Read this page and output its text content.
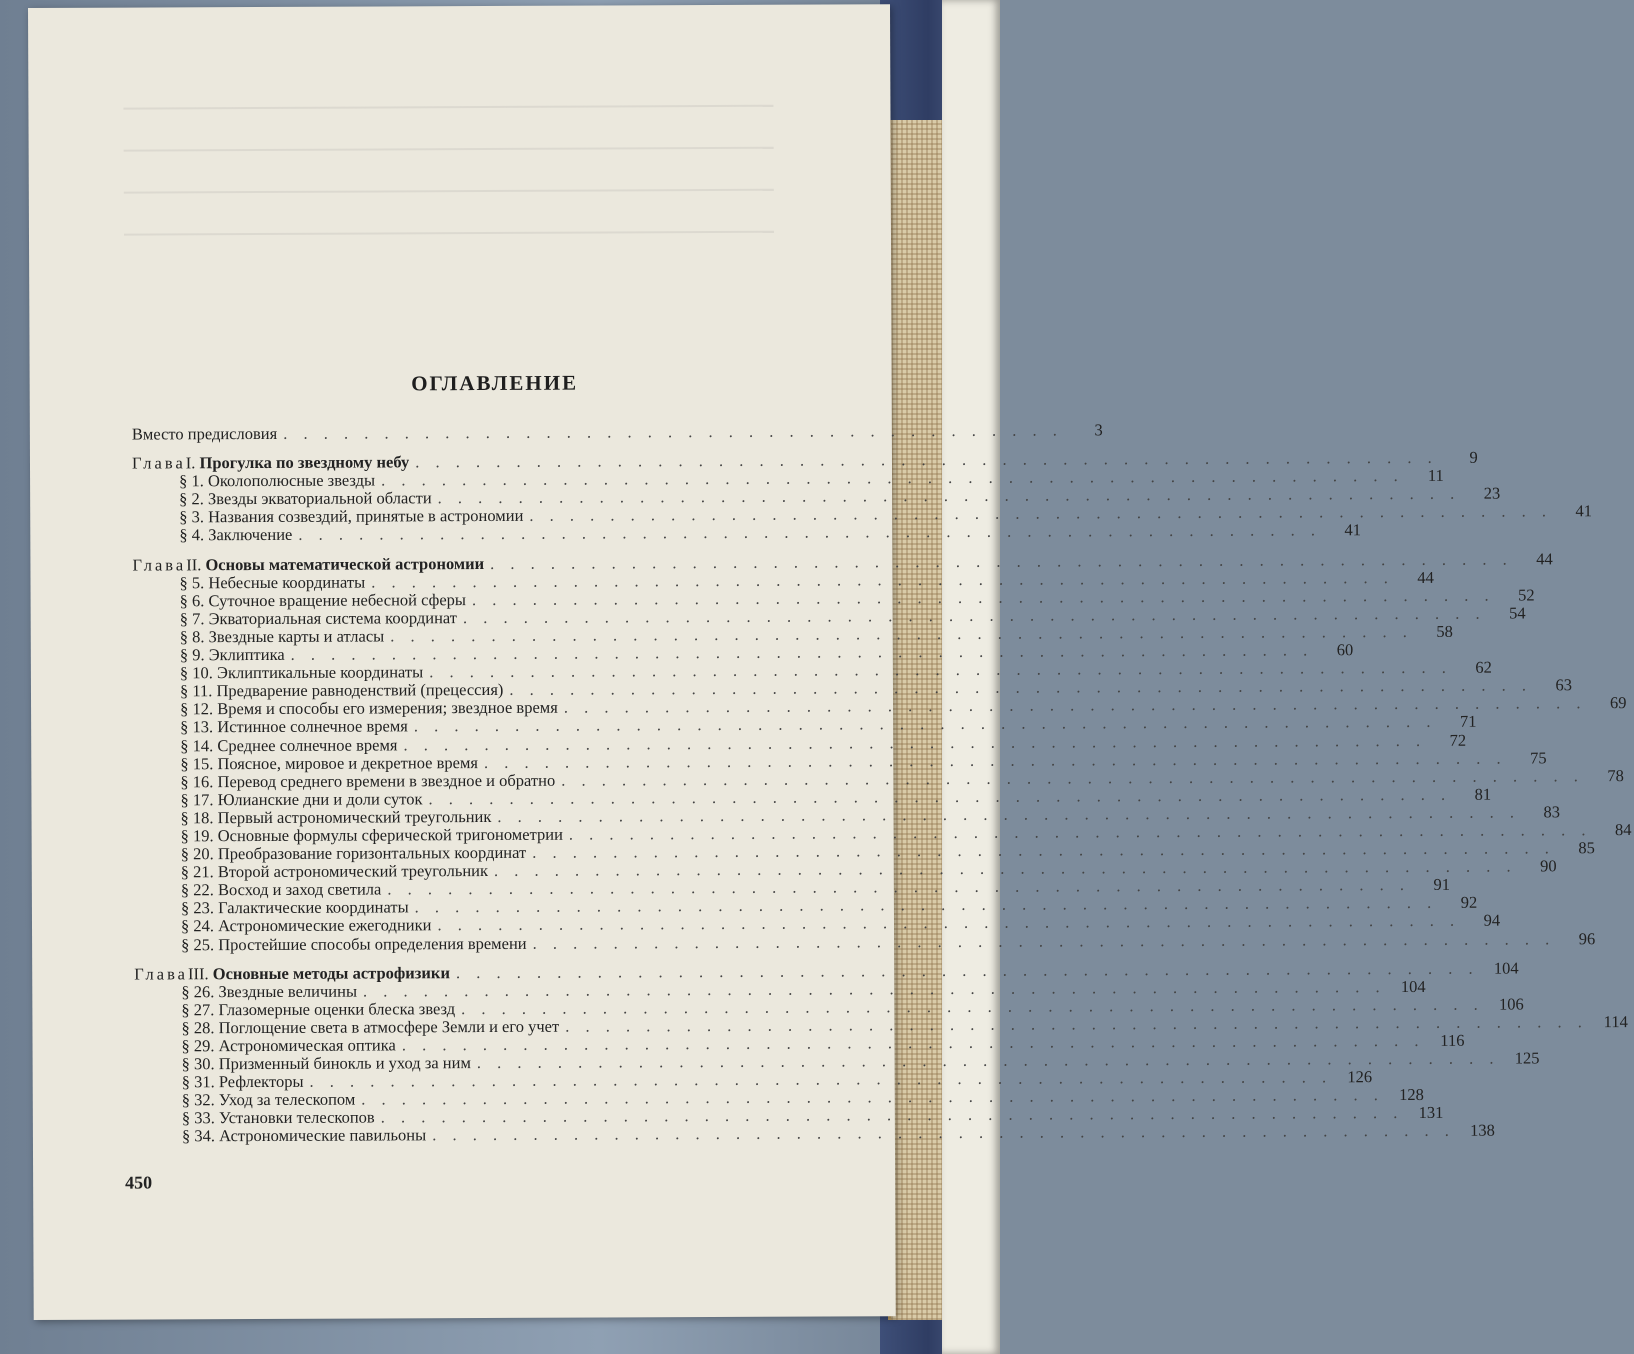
ОГЛАВЛЕНИЕ
Вместо предисловия . . . . . . . . . . . . . . . . . . . . . . . . . . . . . . . . . . . . . . .	3
Глава I.
Прогулка по звездному небу . . . . . . . . . . . . . . . . . . . . . . . . . . . . . . . . . . . . . . . . . . . . . . . . . . .	9
§ 1. Околополюсные звезды . . . . . . . . . . . . . . . . . . . . . . . . . . . . . . . . . . . . . . . . . . . . . . . . . . .	11
§ 2. Звезды экваториальной области . . . . . . . . . . . . . . . . . . . . . . . . . . . . . . . . . . . . . . . . . . . . . . . . . . .	23
§ 3. Названия созвездий, принятые в астрономии . . . . . . . . . . . . . . . . . . . . . . . . . . . . . . . . . . . . . . . . . . . . . . . . . . .	41
§ 4. Заключение . . . . . . . . . . . . . . . . . . . . . . . . . . . . . . . . . . . . . . . . . . . . . . . . . . .	41
Глава II.
Основы математической астрономии . . . . . . . . . . . . . . . . . . . . . . . . . . . . . . . . . . . . . . . . . . . . . . . . . . .	44
§ 5. Небесные координаты . . . . . . . . . . . . . . . . . . . . . . . . . . . . . . . . . . . . . . . . . . . . . . . . . . .	44
§ 6. Суточное вращение небесной сферы . . . . . . . . . . . . . . . . . . . . . . . . . . . . . . . . . . . . . . . . . . . . . . . . . . .	52
§ 7. Экваториальная система координат . . . . . . . . . . . . . . . . . . . . . . . . . . . . . . . . . . . . . . . . . . . . . . . . . . .	54
§ 8. Звездные карты и атласы . . . . . . . . . . . . . . . . . . . . . . . . . . . . . . . . . . . . . . . . . . . . . . . . . . .	58
§ 9. Эклиптика . . . . . . . . . . . . . . . . . . . . . . . . . . . . . . . . . . . . . . . . . . . . . . . . . . .	60
§ 10. Эклиптикальные координаты . . . . . . . . . . . . . . . . . . . . . . . . . . . . . . . . . . . . . . . . . . . . . . . . . . .	62
§ 11. Предварение равноденствий (прецессия) . . . . . . . . . . . . . . . . . . . . . . . . . . . . . . . . . . . . . . . . . . . . . . . . . . .	63
§ 12. Время и способы его измерения; звездное время . . . . . . . . . . . . . . . . . . . . . . . . . . . . . . . . . . . . . . . . . . . . . . . . . . .	69
§ 13. Истинное солнечное время . . . . . . . . . . . . . . . . . . . . . . . . . . . . . . . . . . . . . . . . . . . . . . . . . . .	71
§ 14. Среднее солнечное время . . . . . . . . . . . . . . . . . . . . . . . . . . . . . . . . . . . . . . . . . . . . . . . . . . .	72
§ 15. Поясное, мировое и декретное время . . . . . . . . . . . . . . . . . . . . . . . . . . . . . . . . . . . . . . . . . . . . . . . . . . .	75
§ 16. Перевод среднего времени в звездное и обратно . . . . . . . . . . . . . . . . . . . . . . . . . . . . . . . . . . . . . . . . . . . . . . . . . . .	78
§ 17. Юлианские дни и доли суток . . . . . . . . . . . . . . . . . . . . . . . . . . . . . . . . . . . . . . . . . . . . . . . . . . .	81
§ 18. Первый астрономический треугольник . . . . . . . . . . . . . . . . . . . . . . . . . . . . . . . . . . . . . . . . . . . . . . . . . . .	83
§ 19. Основные формулы сферической тригонометрии . . . . . . . . . . . . . . . . . . . . . . . . . . . . . . . . . . . . . . . . . . . . . . . . . . .	84
§ 20. Преобразование горизонтальных координат . . . . . . . . . . . . . . . . . . . . . . . . . . . . . . . . . . . . . . . . . . . . . . . . . . .	85
§ 21. Второй астрономический треугольник . . . . . . . . . . . . . . . . . . . . . . . . . . . . . . . . . . . . . . . . . . . . . . . . . . .	90
§ 22. Восход и заход светила . . . . . . . . . . . . . . . . . . . . . . . . . . . . . . . . . . . . . . . . . . . . . . . . . . .	91
§ 23. Галактические координаты . . . . . . . . . . . . . . . . . . . . . . . . . . . . . . . . . . . . . . . . . . . . . . . . . . .	92
§ 24. Астрономические ежегодники . . . . . . . . . . . . . . . . . . . . . . . . . . . . . . . . . . . . . . . . . . . . . . . . . . .	94
§ 25. Простейшие способы определения времени . . . . . . . . . . . . . . . . . . . . . . . . . . . . . . . . . . . . . . . . . . . . . . . . . . .	96
Глава III.
Основные методы астрофизики . . . . . . . . . . . . . . . . . . . . . . . . . . . . . . . . . . . . . . . . . . . . . . . . . . . 104
§ 26. Звездные величины . . . . . . . . . . . . . . . . . . . . . . . . . . . . . . . . . . . . . . . . . . . . . . . . . . . 104
§ 27. Глазомерные оценки блеска звезд . . . . . . . . . . . . . . . . . . . . . . . . . . . . . . . . . . . . . . . . . . . . . . . . . . . 106
§ 28. Поглощение света в атмосфере Земли и его учет . . . . . . . . . . . . . . . . . . . . . . . . . . . . . . . . . . . . . . . . . . . . . . . . . . . 114
§ 29. Астрономическая оптика . . . . . . . . . . . . . . . . . . . . . . . . . . . . . . . . . . . . . . . . . . . . . . . . . . . 116
§ 30. Призменный бинокль и уход за ним . . . . . . . . . . . . . . . . . . . . . . . . . . . . . . . . . . . . . . . . . . . . . . . . . . . 125
§ 31. Рефлекторы . . . . . . . . . . . . . . . . . . . . . . . . . . . . . . . . . . . . . . . . . . . . . . . . . . . 126
§ 32. Уход за телескопом . . . . . . . . . . . . . . . . . . . . . . . . . . . . . . . . . . . . . . . . . . . . . . . . . . . 128
§ 33. Установки телескопов . . . . . . . . . . . . . . . . . . . . . . . . . . . . . . . . . . . . . . . . . . . . . . . . . . . 131
§ 34. Астрономические павильоны . . . . . . . . . . . . . . . . . . . . . . . . . . . . . . . . . . . . . . . . . . . . . . . . . . . 138
450
